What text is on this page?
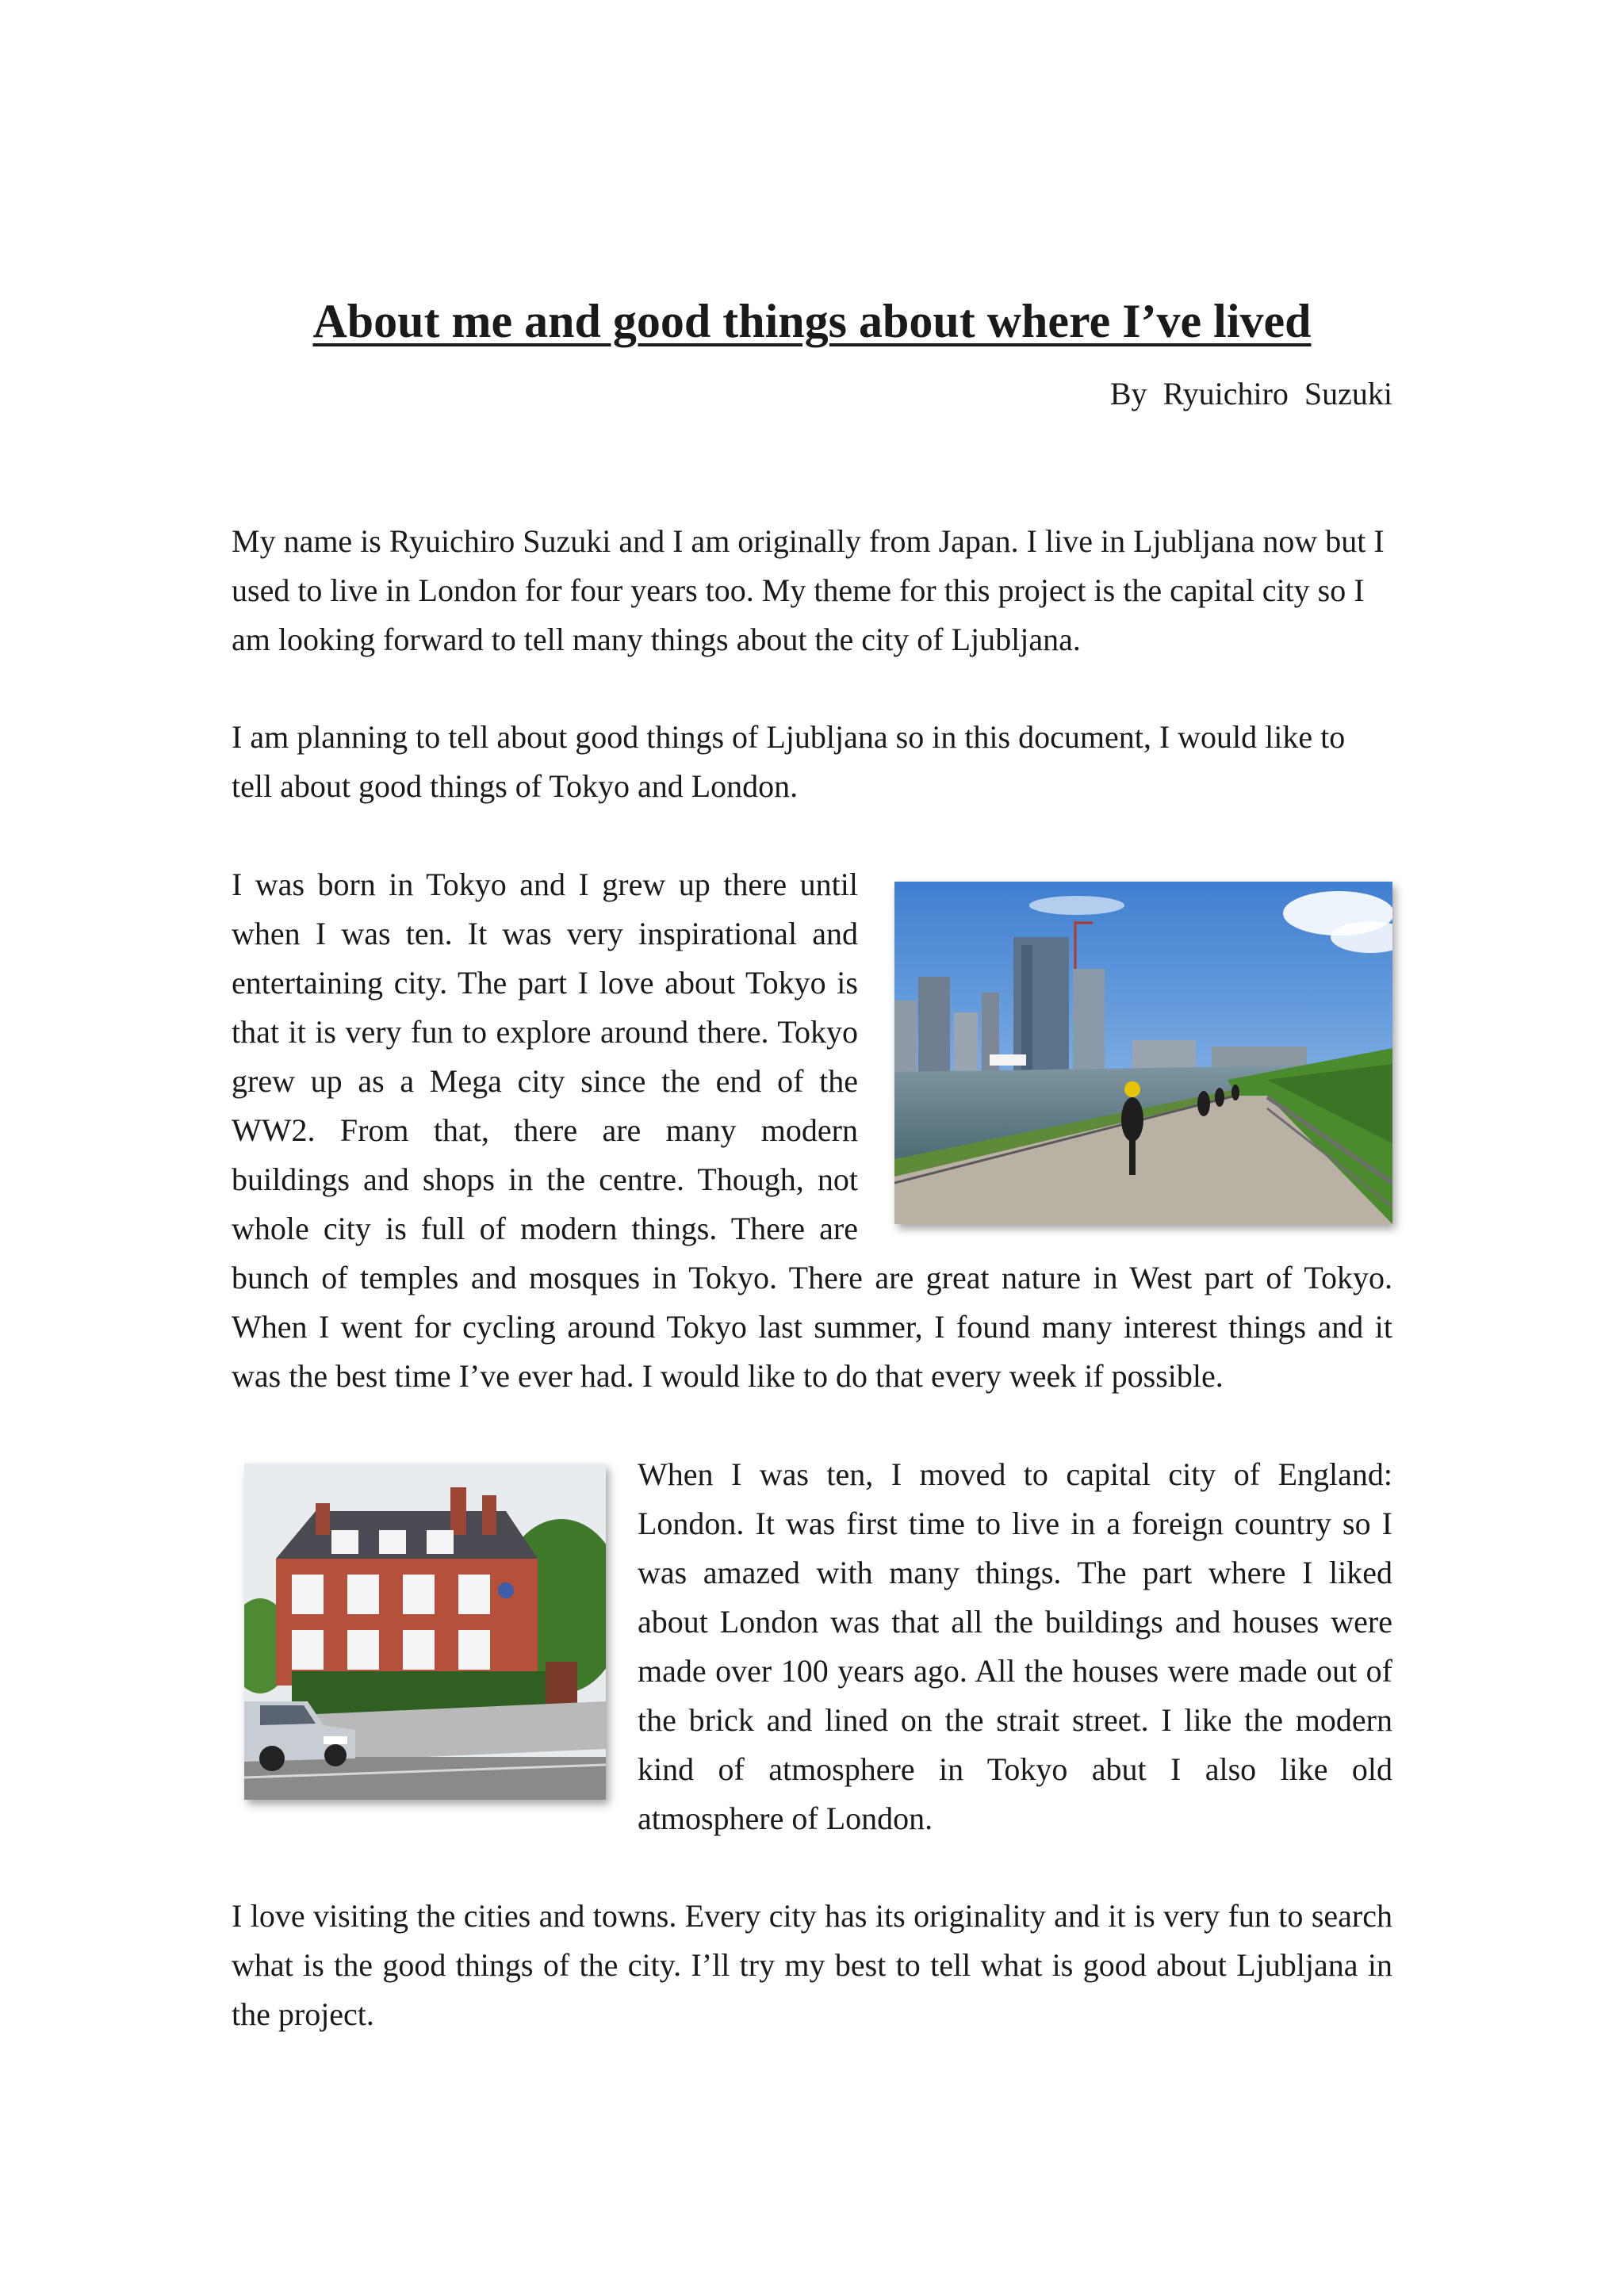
About me and good things about where I’ve lived
By Ryuichiro Suzuki

My name is Ryuichiro Suzuki and I am originally from Japan. I live in Ljubljana now but I used to live in London for four years too. My theme for this project is the capital city so I am looking forward to tell many things about the city of Ljubljana.

I am planning to tell about good things of Ljubljana so in this document, I would like to tell about good things of Tokyo and London.

I was born in Tokyo and I grew up there until when I was ten. It was very inspirational and entertaining city. The part I love about Tokyo is that it is very fun to explore around there. Tokyo grew up as a Mega city since the end of the WW2. From that, there are many modern buildings and shops in the centre. Though, not whole city is full of modern things. There are

bunch of temples and mosques in Tokyo. There are great nature in West part of Tokyo. When I went for cycling around Tokyo last summer, I found many interest things and it was the best time I’ve ever had. I would like to do that every week if possible.

When I was ten, I moved to capital city of England: London. It was first time to live in a foreign country so I was amazed with many things. The part where I liked about London was that all the buildings and houses were made over 100 years ago. All the houses were made out of the brick and lined on the strait street. I like the modern kind of atmosphere in Tokyo abut I also like old atmosphere of London.

I love visiting the cities and towns. Every city has its originality and it is very fun to search what is the good things of the city. I’ll try my best to tell what is good about Ljubljana in the project.
